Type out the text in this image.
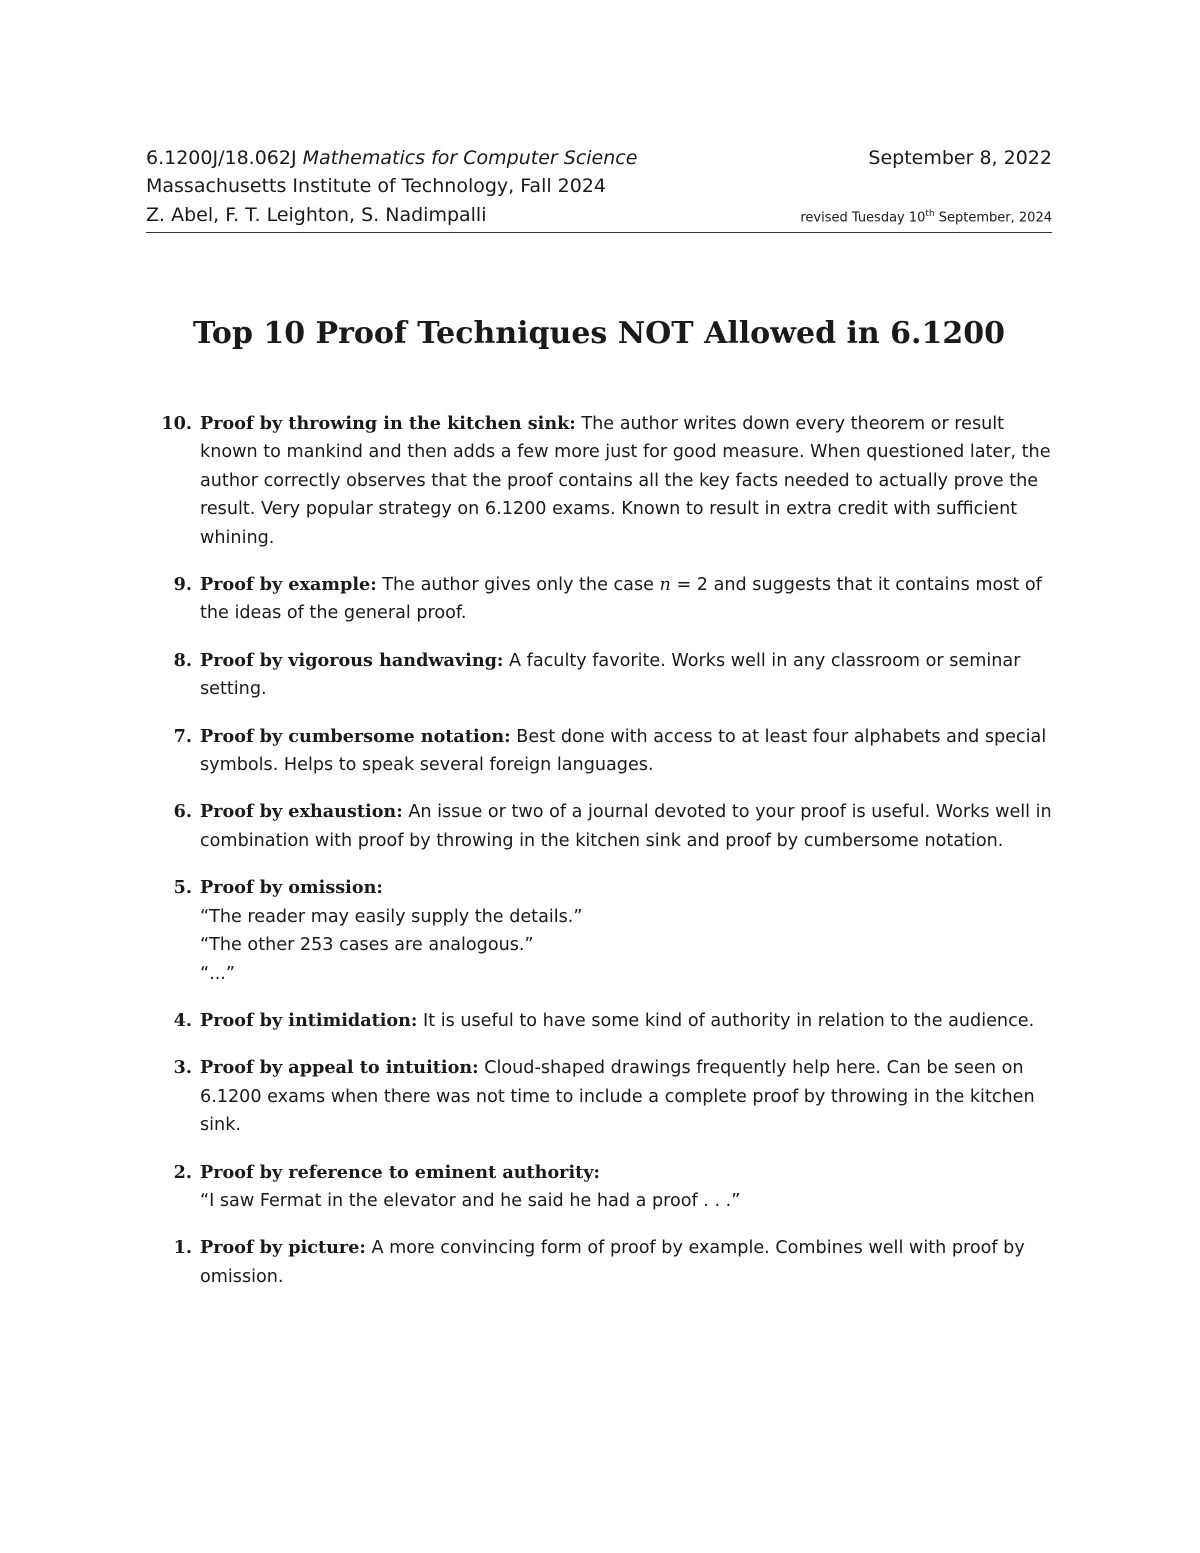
6.1200J/18.062J Mathematics for Computer Science	September 8, 2022
Massachusetts Institute of Technology, Fall 2024
Z. Abel, F. T. Leighton, S. Nadimpalli	revised Tuesday 10th September, 2024
Top 10 Proof Techniques NOT Allowed in 6.1200
10. Proof by throwing in the kitchen sink: The author writes down every theorem or result known to mankind and then adds a few more just for good measure. When questioned later, the author correctly observes that the proof contains all the key facts needed to actually prove the result. Very popular strategy on 6.1200 exams. Known to result in extra credit with sufficient whining.
9. Proof by example: The author gives only the case n = 2 and suggests that it contains most of the ideas of the general proof.
8. Proof by vigorous handwaving: A faculty favorite. Works well in any classroom or seminar setting.
7. Proof by cumbersome notation: Best done with access to at least four alphabets and special symbols. Helps to speak several foreign languages.
6. Proof by exhaustion: An issue or two of a journal devoted to your proof is useful. Works well in combination with proof by throwing in the kitchen sink and proof by cumbersome notation.
5. Proof by omission:
“The reader may easily supply the details.”
“The other 253 cases are analogous.”
“...”
4. Proof by intimidation: It is useful to have some kind of authority in relation to the audience.
3. Proof by appeal to intuition: Cloud-shaped drawings frequently help here. Can be seen on 6.1200 exams when there was not time to include a complete proof by throwing in the kitchen sink.
2. Proof by reference to eminent authority:
“I saw Fermat in the elevator and he said he had a proof . . .”
1. Proof by picture: A more convincing form of proof by example. Combines well with proof by omission.
